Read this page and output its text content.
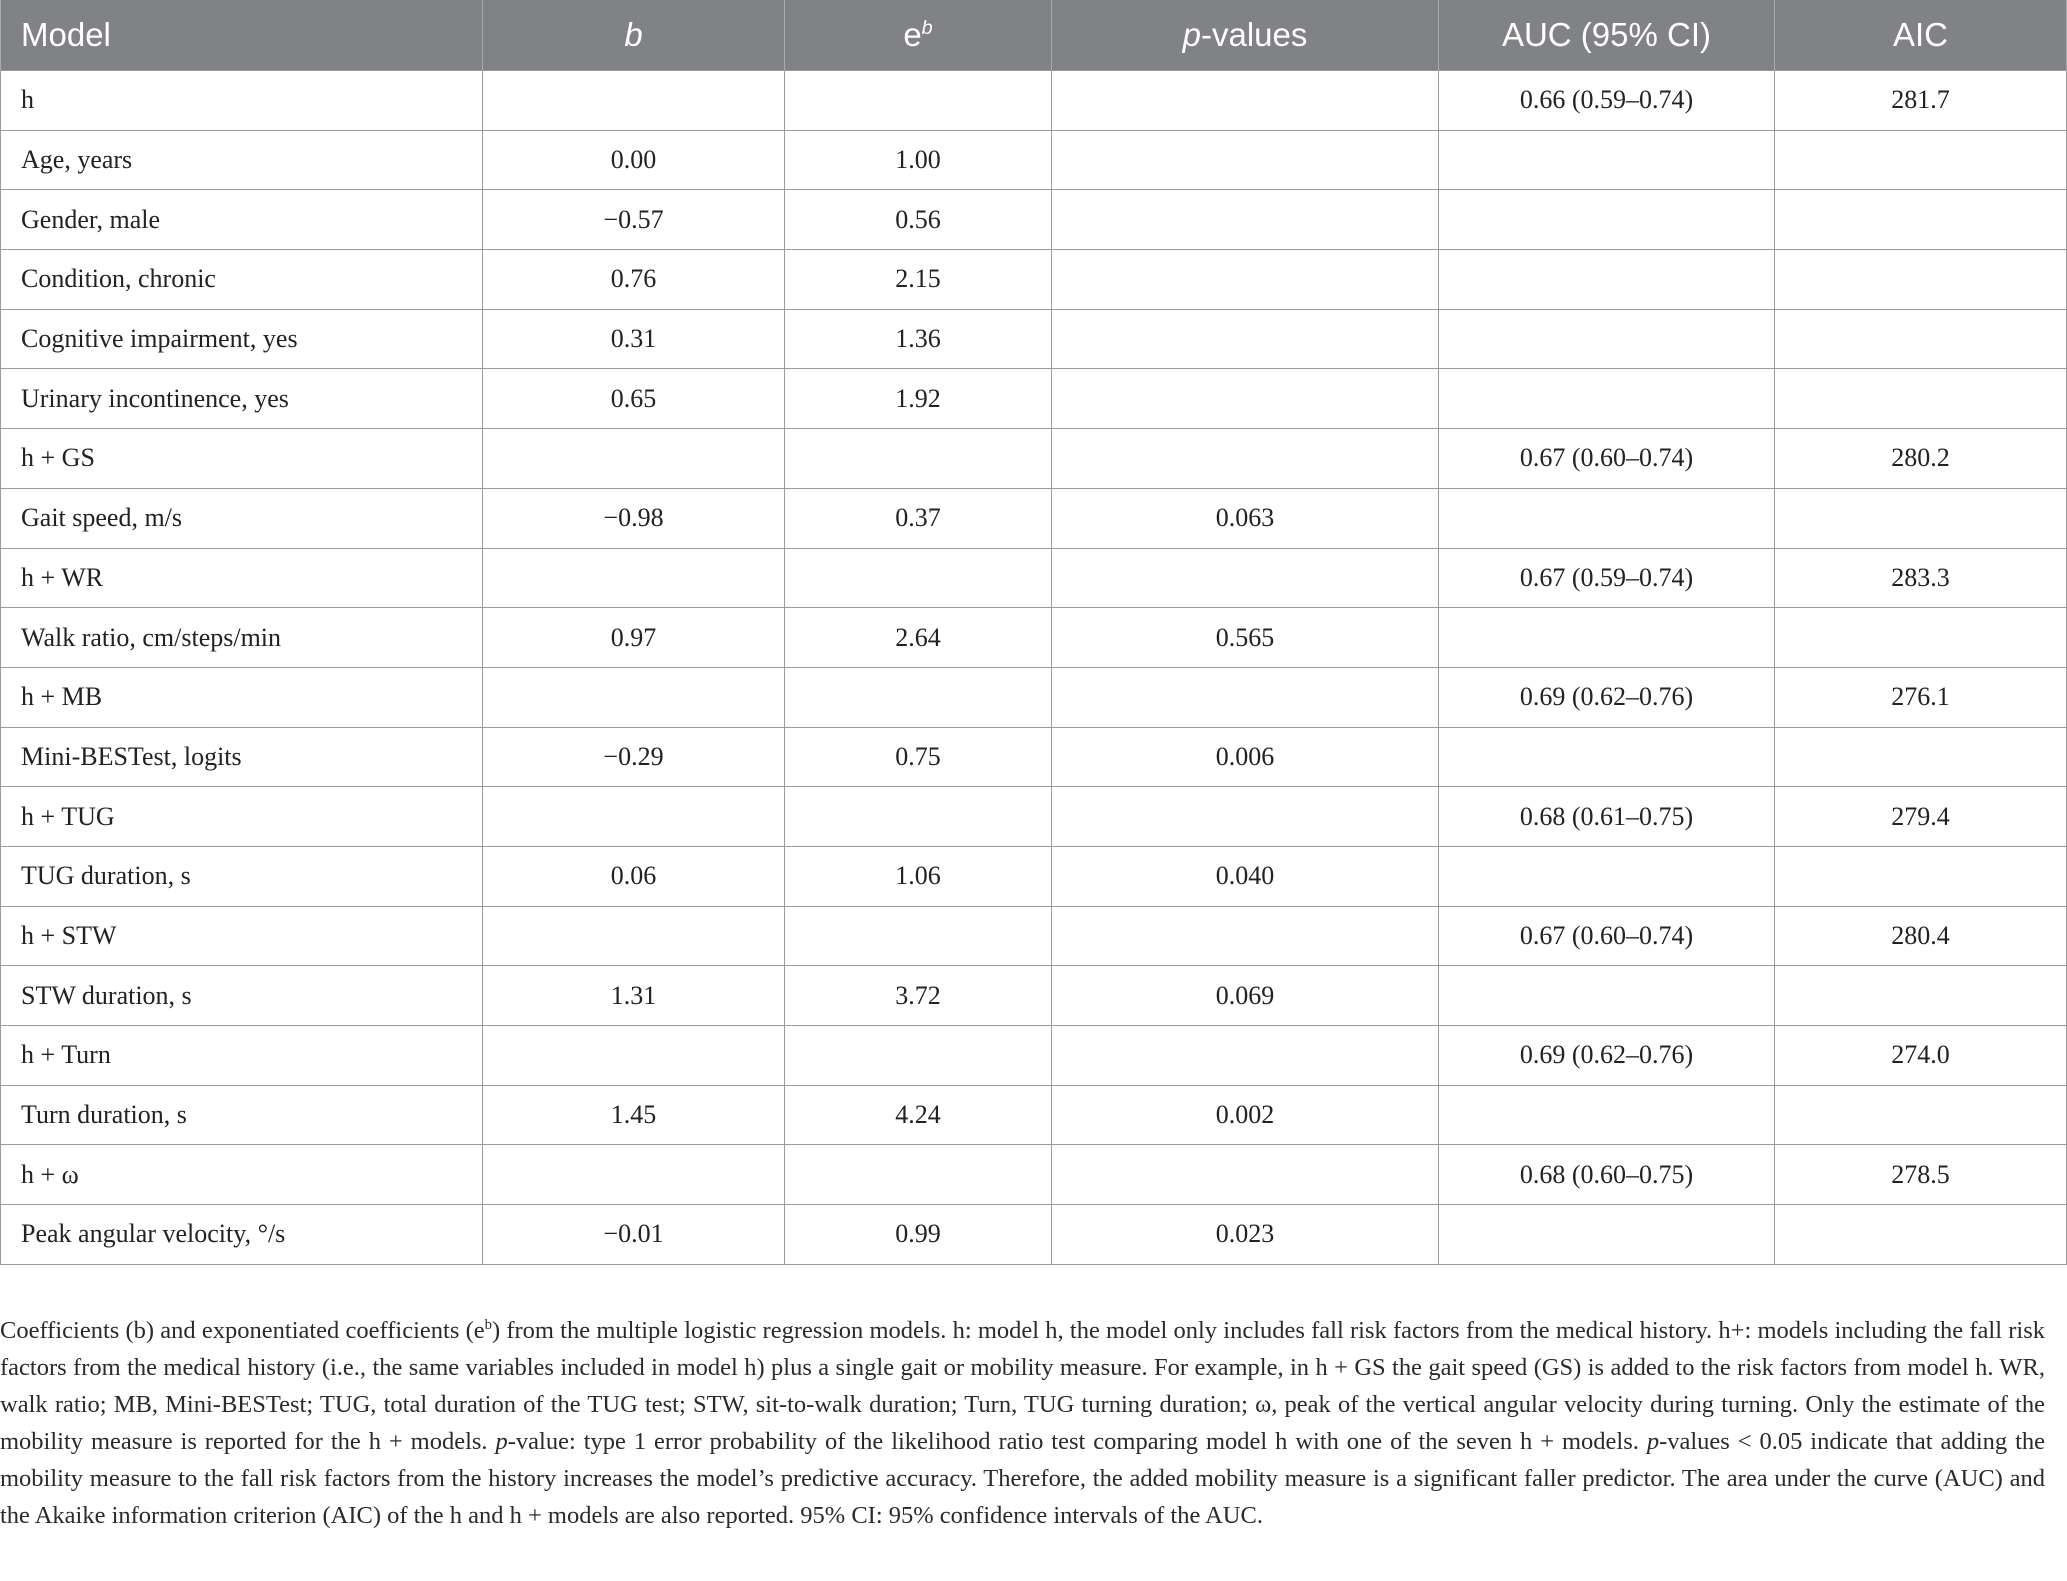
Model	b	$e^b$	p-values	AUC (95% CI)	AIC
h				0.66 (0.59–0.74)	281.7
Age, years	0.00	1.00			
Gender, male	−0.57	0.56			
Condition, chronic	0.76	2.15			
Cognitive impairment, yes	0.31	1.36			
Urinary incontinence, yes	0.65	1.92			
h + GS				0.67 (0.60–0.74)	280.2
Gait speed, m/s	−0.98	0.37	0.063		
h + WR				0.67 (0.59–0.74)	283.3
Walk ratio, cm/steps/min	0.97	2.64	0.565		
h + MB				0.69 (0.62–0.76)	276.1
Mini-BESTest, logits	−0.29	0.75	0.006		
h + TUG				0.68 (0.61–0.75)	279.4
TUG duration, s	0.06	1.06	0.040		
h + STW				0.67 (0.60–0.74)	280.4
STW duration, s	1.31	3.72	0.069		
h + Turn				0.69 (0.62–0.76)	274.0
Turn duration, s	1.45	4.24	0.002		
h + ω				0.68 (0.60–0.75)	278.5
Peak angular velocity, °/s	−0.01	0.99	0.023		

Coefficients (b) and exponentiated coefficients $(e^b)$ from the multiple logistic regression models. h: model h, the model only includes fall risk factors from the medical history. h+: models including the fall risk factors from the medical history (i.e., the same variables included in model h) plus a single gait or mobility measure. For example, in h + GS the gait speed (GS) is added to the risk factors from model h. WR, walk ratio; MB, Mini-BESTest; TUG, total duration of the TUG test; STW, sit-to-walk duration; Turn, TUG turning duration; ω, peak of the vertical angular velocity during turning. Only the estimate of the mobility measure is reported for the h + models. p-value: type 1 error probability of the likelihood ratio test comparing model h with one of the seven h + models. p-values < 0.05 indicate that adding the mobility measure to the fall risk factors from the history increases the model’s predictive accuracy. Therefore, the added mobility measure is a significant faller predictor. The area under the curve (AUC) and the Akaike information criterion (AIC) of the h and h + models are also reported. 95% CI: 95% confidence intervals of the AUC.
